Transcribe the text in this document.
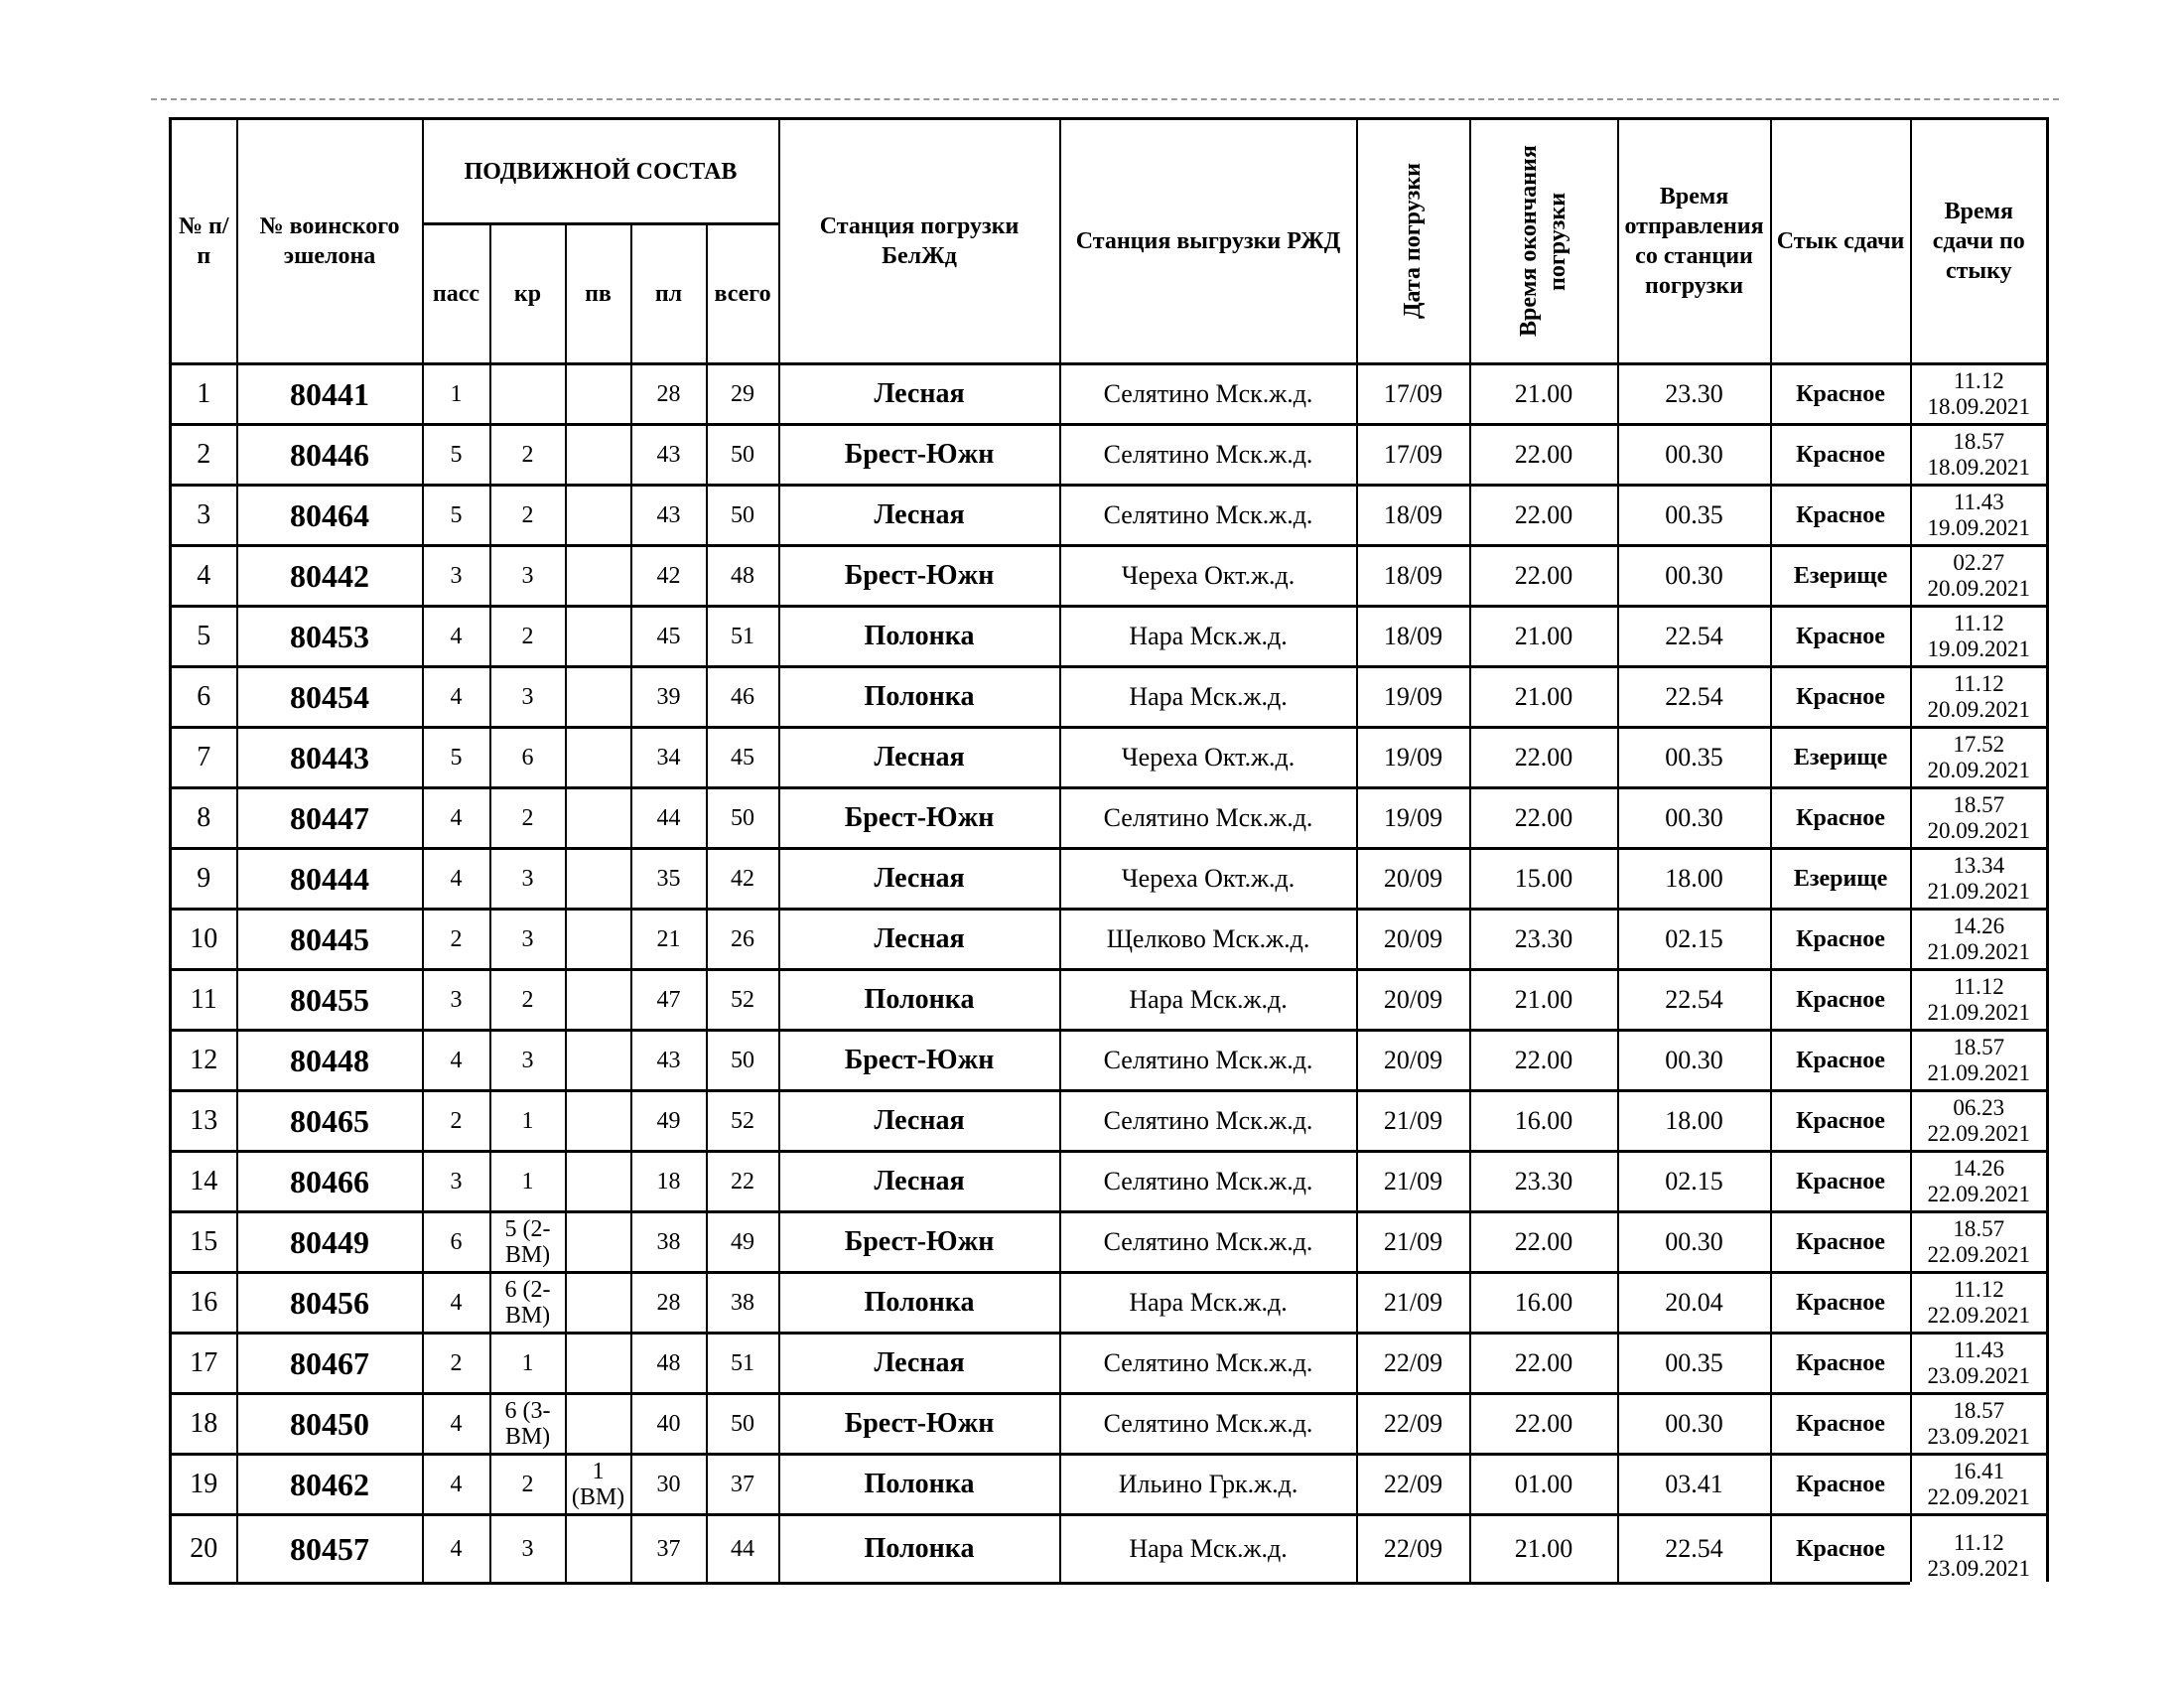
№ п/п	№ воинского эшелона	ПОДВИЖНОЙ СОСТАВ					Станция погрузки БелЖд	Станция выгрузки РЖД	Дата погрузки	Время окончания погрузки	Время отправления со станции погрузки	Стык сдачи	Время сдачи по стыку
		пасс	кр	пв	пл	всего							
1	80441	1			28	29	Лесная	Селятино Мск.ж.д.	17/09	21.00	23.30	Красное	11.12
18.09.2021

2	80446	5	2		43	50	Брест-Южн	Селятино Мск.ж.д.	17/09	22.00	00.30	Красное	18.57
18.09.2021

3	80464	5	2		43	50	Лесная	Селятино Мск.ж.д.	18/09	22.00	00.35	Красное	11.43
19.09.2021

4	80442	3	3		42	48	Брест-Южн	Череха Окт.ж.д.	18/09	22.00	00.30	Езерище	02.27
20.09.2021

5	80453	4	2		45	51	Полонка	Нара Мск.ж.д.	18/09	21.00	22.54	Красное	11.12
19.09.2021

6	80454	4	3		39	46	Полонка	Нара Мск.ж.д.	19/09	21.00	22.54	Красное	11.12
20.09.2021

7	80443	5	6		34	45	Лесная	Череха Окт.ж.д.	19/09	22.00	00.35	Езерище	17.52
20.09.2021

8	80447	4	2		44	50	Брест-Южн	Селятино Мск.ж.д.	19/09	22.00	00.30	Красное	18.57
20.09.2021

9	80444	4	3		35	42	Лесная	Череха Окт.ж.д.	20/09	15.00	18.00	Езерище	13.34
21.09.2021

10	80445	2	3		21	26	Лесная	Щелково Мск.ж.д.	20/09	23.30	02.15	Красное	14.26
21.09.2021

11	80455	3	2		47	52	Полонка	Нара Мск.ж.д.	20/09	21.00	22.54	Красное	11.12
21.09.2021

12	80448	4	3		43	50	Брест-Южн	Селятино Мск.ж.д.	20/09	22.00	00.30	Красное	18.57
21.09.2021

13	80465	2	1		49	52	Лесная	Селятино Мск.ж.д.	21/09	16.00	18.00	Красное	06.23
22.09.2021

14	80466	3	1		18	22	Лесная	Селятино Мск.ж.д.	21/09	23.30	02.15	Красное	14.26
22.09.2021

15	80449	6	5 (2-ВМ)		38	49	Брест-Южн	Селятино Мск.ж.д.	21/09	22.00	00.30	Красное	18.57
22.09.2021

16	80456	4	6 (2-ВМ)		28	38	Полонка	Нара Мск.ж.д.	21/09	16.00	20.04	Красное	11.12
22.09.2021

17	80467	2	1		48	51	Лесная	Селятино Мск.ж.д.	22/09	22.00	00.35	Красное	11.43
23.09.2021

18	80450	4	6 (3-ВМ)		40	50	Брест-Южн	Селятино Мск.ж.д.	22/09	22.00	00.30	Красное	18.57
23.09.2021

19	80462	4	2	1 (ВМ)	30	37	Полонка	Ильино Грк.ж.д.	22/09	01.00	03.41	Красное	16.41
22.09.2021

20	80457	4	3		37	44	Полонка	Нара Мск.ж.д.	22/09	21.00	22.54	Красное	11.12
23.09.2021
